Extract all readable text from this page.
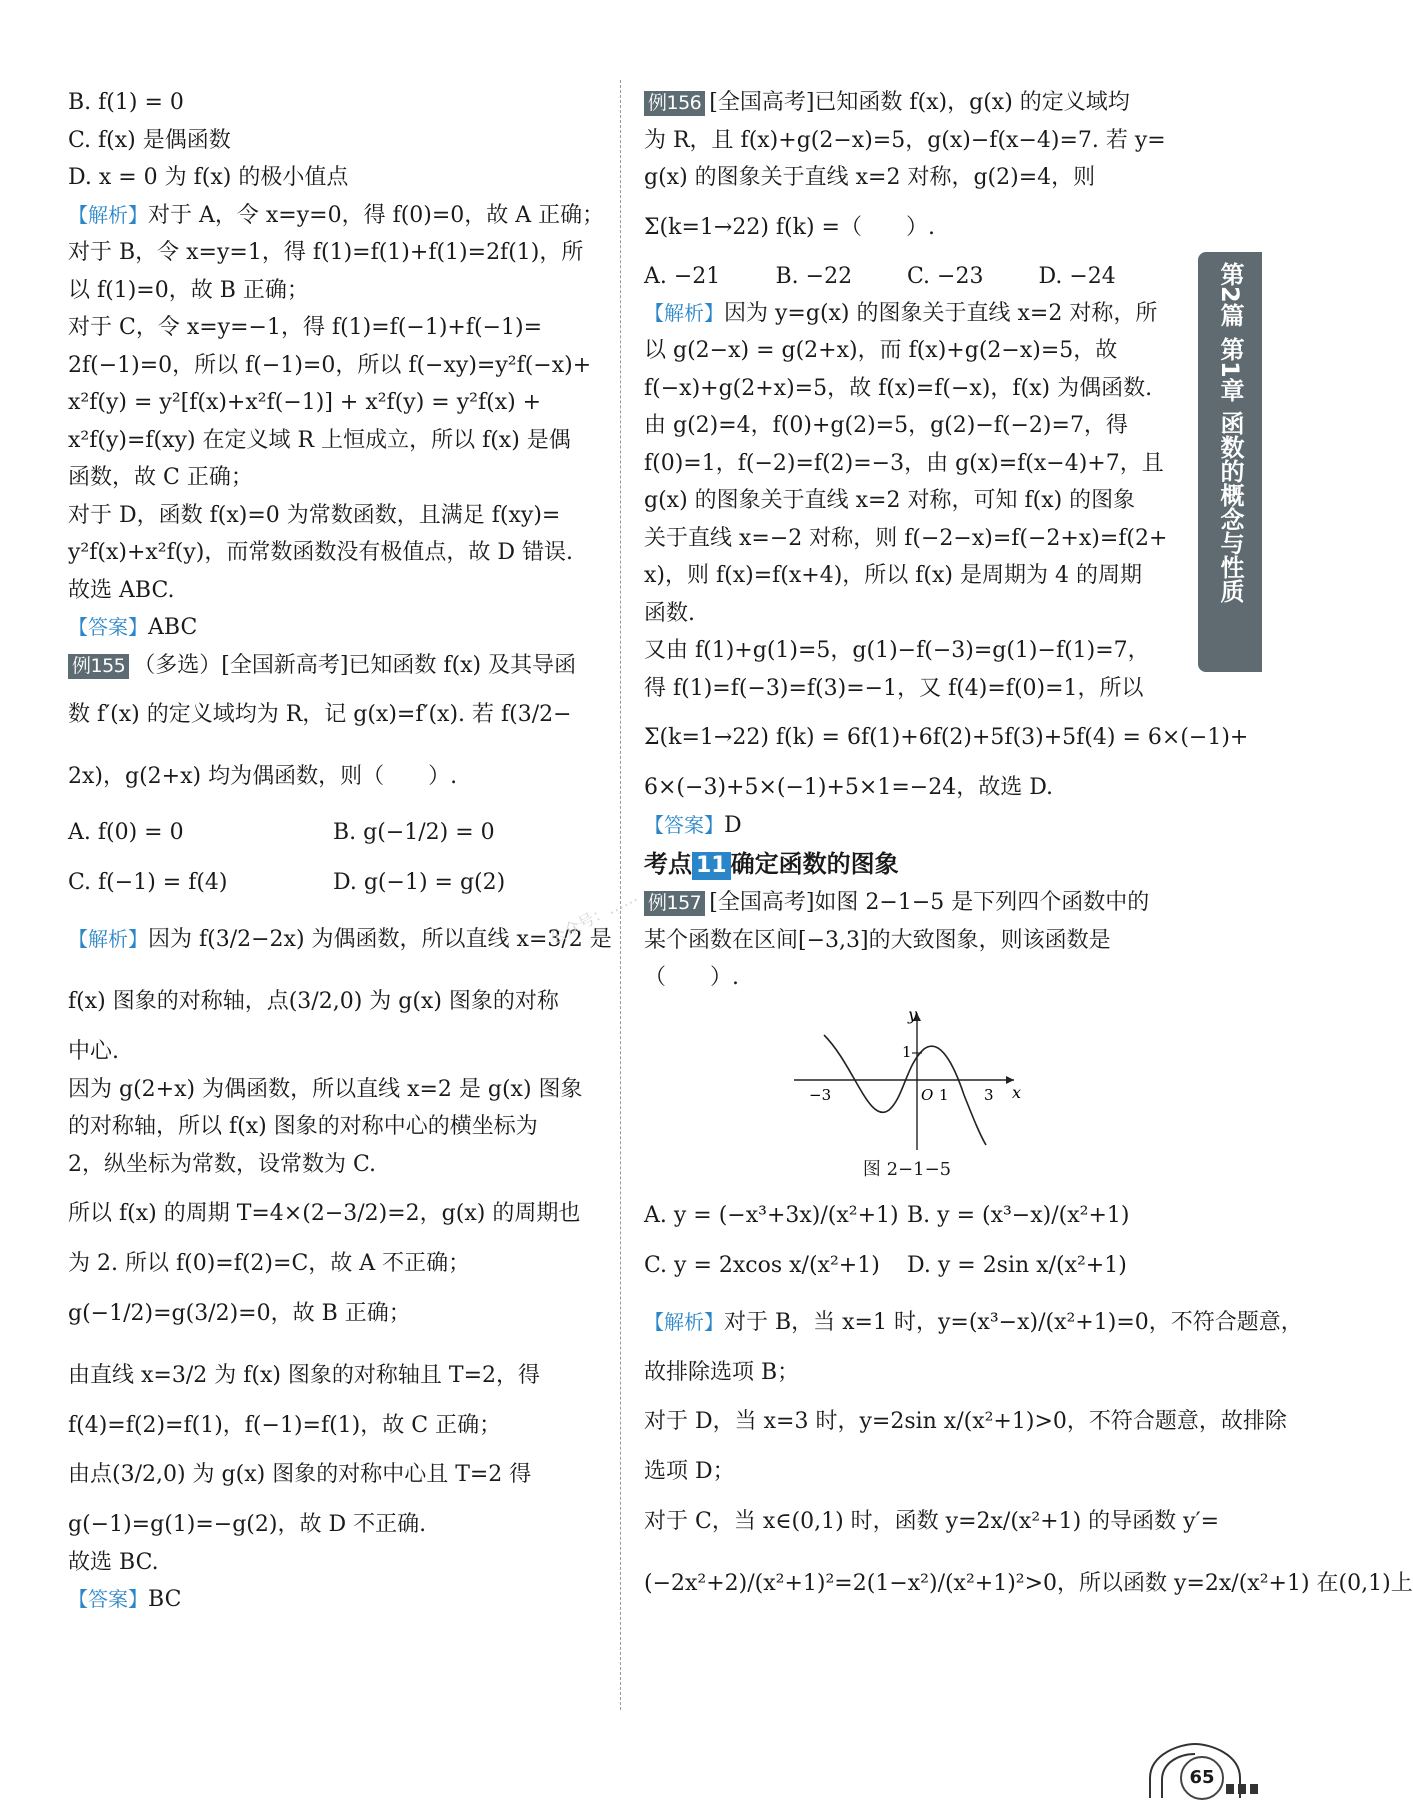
B. f(1) = 0
C. f(x) 是偶函数
D. x = 0 为 f(x) 的极小值点
【解析】对于 A，令 x=y=0，得 f(0)=0，故 A 正确；
对于 B，令 x=y=1，得 f(1)=f(1)+f(1)=2f(1)，所
以 f(1)=0，故 B 正确；
对于 C，令 x=y=−1，得 f(1)=f(−1)+f(−1)=
2f(−1)=0，所以 f(−1)=0，所以 f(−xy)=y²f(−x)+
x²f(y) = y²[f(x)+x²f(−1)] + x²f(y) = y²f(x) +
x²f(y)=f(xy) 在定义域 R 上恒成立，所以 f(x) 是偶
函数，故 C 正确；
对于 D，函数 f(x)=0 为常数函数，且满足 f(xy)=
y²f(x)+x²f(y)，而常数函数没有极值点，故 D 错误.
故选 ABC.
【答案】ABC
例155 （多选）[全国新高考]已知函数 f(x) 及其导函
数 f′(x) 的定义域均为 R，记 g(x)=f′(x). 若 f(3/2−
2x)，g(2+x) 均为偶函数，则（　　）.
A. f(0) = 0	B. g(−1/2) = 0
C. f(−1) = f(4)	D. g(−1) = g(2)
【解析】因为 f(3/2−2x) 为偶函数，所以直线 x=3/2 是
f(x) 图象的对称轴，点(3/2,0) 为 g(x) 图象的对称
中心.
因为 g(2+x) 为偶函数，所以直线 x=2 是 g(x) 图象
的对称轴，所以 f(x) 图象的对称中心的横坐标为
2，纵坐标为常数，设常数为 C.
所以 f(x) 的周期 T=4×(2−3/2)=2，g(x) 的周期也
为 2. 所以 f(0)=f(2)=C，故 A 不正确；
g(−1/2)=g(3/2)=0，故 B 正确；
由直线 x=3/2 为 f(x) 图象的对称轴且 T=2，得
f(4)=f(2)=f(1)，f(−1)=f(1)，故 C 正确；
由点(3/2,0) 为 g(x) 图象的对称中心且 T=2 得
g(−1)=g(1)=−g(2)，故 D 不正确.
故选 BC.
【答案】BC
例156 [全国高考]已知函数 f(x)，g(x) 的定义域均
为 R，且 f(x)+g(2−x)=5，g(x)−f(x−4)=7. 若 y=
g(x) 的图象关于直线 x=2 对称，g(2)=4，则
Σ(k=1→22) f(k) =（　　）.
A. −21	B. −22	C. −23	D. −24
【解析】因为 y=g(x) 的图象关于直线 x=2 对称，所
以 g(2−x) = g(2+x)，而 f(x)+g(2−x)=5，故
f(−x)+g(2+x)=5，故 f(x)=f(−x)，f(x) 为偶函数.
由 g(2)=4，f(0)+g(2)=5，g(2)−f(−2)=7，得
f(0)=1，f(−2)=f(2)=−3，由 g(x)=f(x−4)+7，且
g(x) 的图象关于直线 x=2 对称，可知 f(x) 的图象
关于直线 x=−2 对称，则 f(−2−x)=f(−2+x)=f(2+
x)，则 f(x)=f(x+4)，所以 f(x) 是周期为 4 的周期
函数.
又由 f(1)+g(1)=5，g(1)−f(−3)=g(1)−f(1)=7，
得 f(1)=f(−3)=f(3)=−1，又 f(4)=f(0)=1，所以
Σ(k=1→22) f(k) = 6f(1)+6f(2)+5f(3)+5f(4) = 6×(−1)+
6×(−3)+5×(−1)+5×1=−24，故选 D.
【答案】D
考点 11 确定函数的图象
例157 [全国高考]如图 2−1−5 是下列四个函数中的
某个函数在区间[−3,3]的大致图象，则该函数是
（　　）.
y
x
−3	O 1 3
1
图 2−1−5
A. y = (−x³+3x)/(x²+1) B. y = (x³−x)/(x²+1)
C. y = 2xcos x/(x²+1)	D. y = 2sin x/(x²+1)
【解析】对于 B，当 x=1 时，y=(x³−x)/(x²+1)=0，不符合题意，
故排除选项 B；
对于 D，当 x=3 时，y=2sin x/(x²+1)>0，不符合题意，故排除
选项 D；
对于 C，当 x∈(0,1) 时，函数 y=2x/(x²+1) 的导函数 y′=
(−2x²+2)/(x²+1)²=2(1−x²)/(x²+1)²>0，所以函数 y=2x/(x²+1) 在(0,1)上
第2篇
第1章
函数的概念与性质
公众号：……
65
